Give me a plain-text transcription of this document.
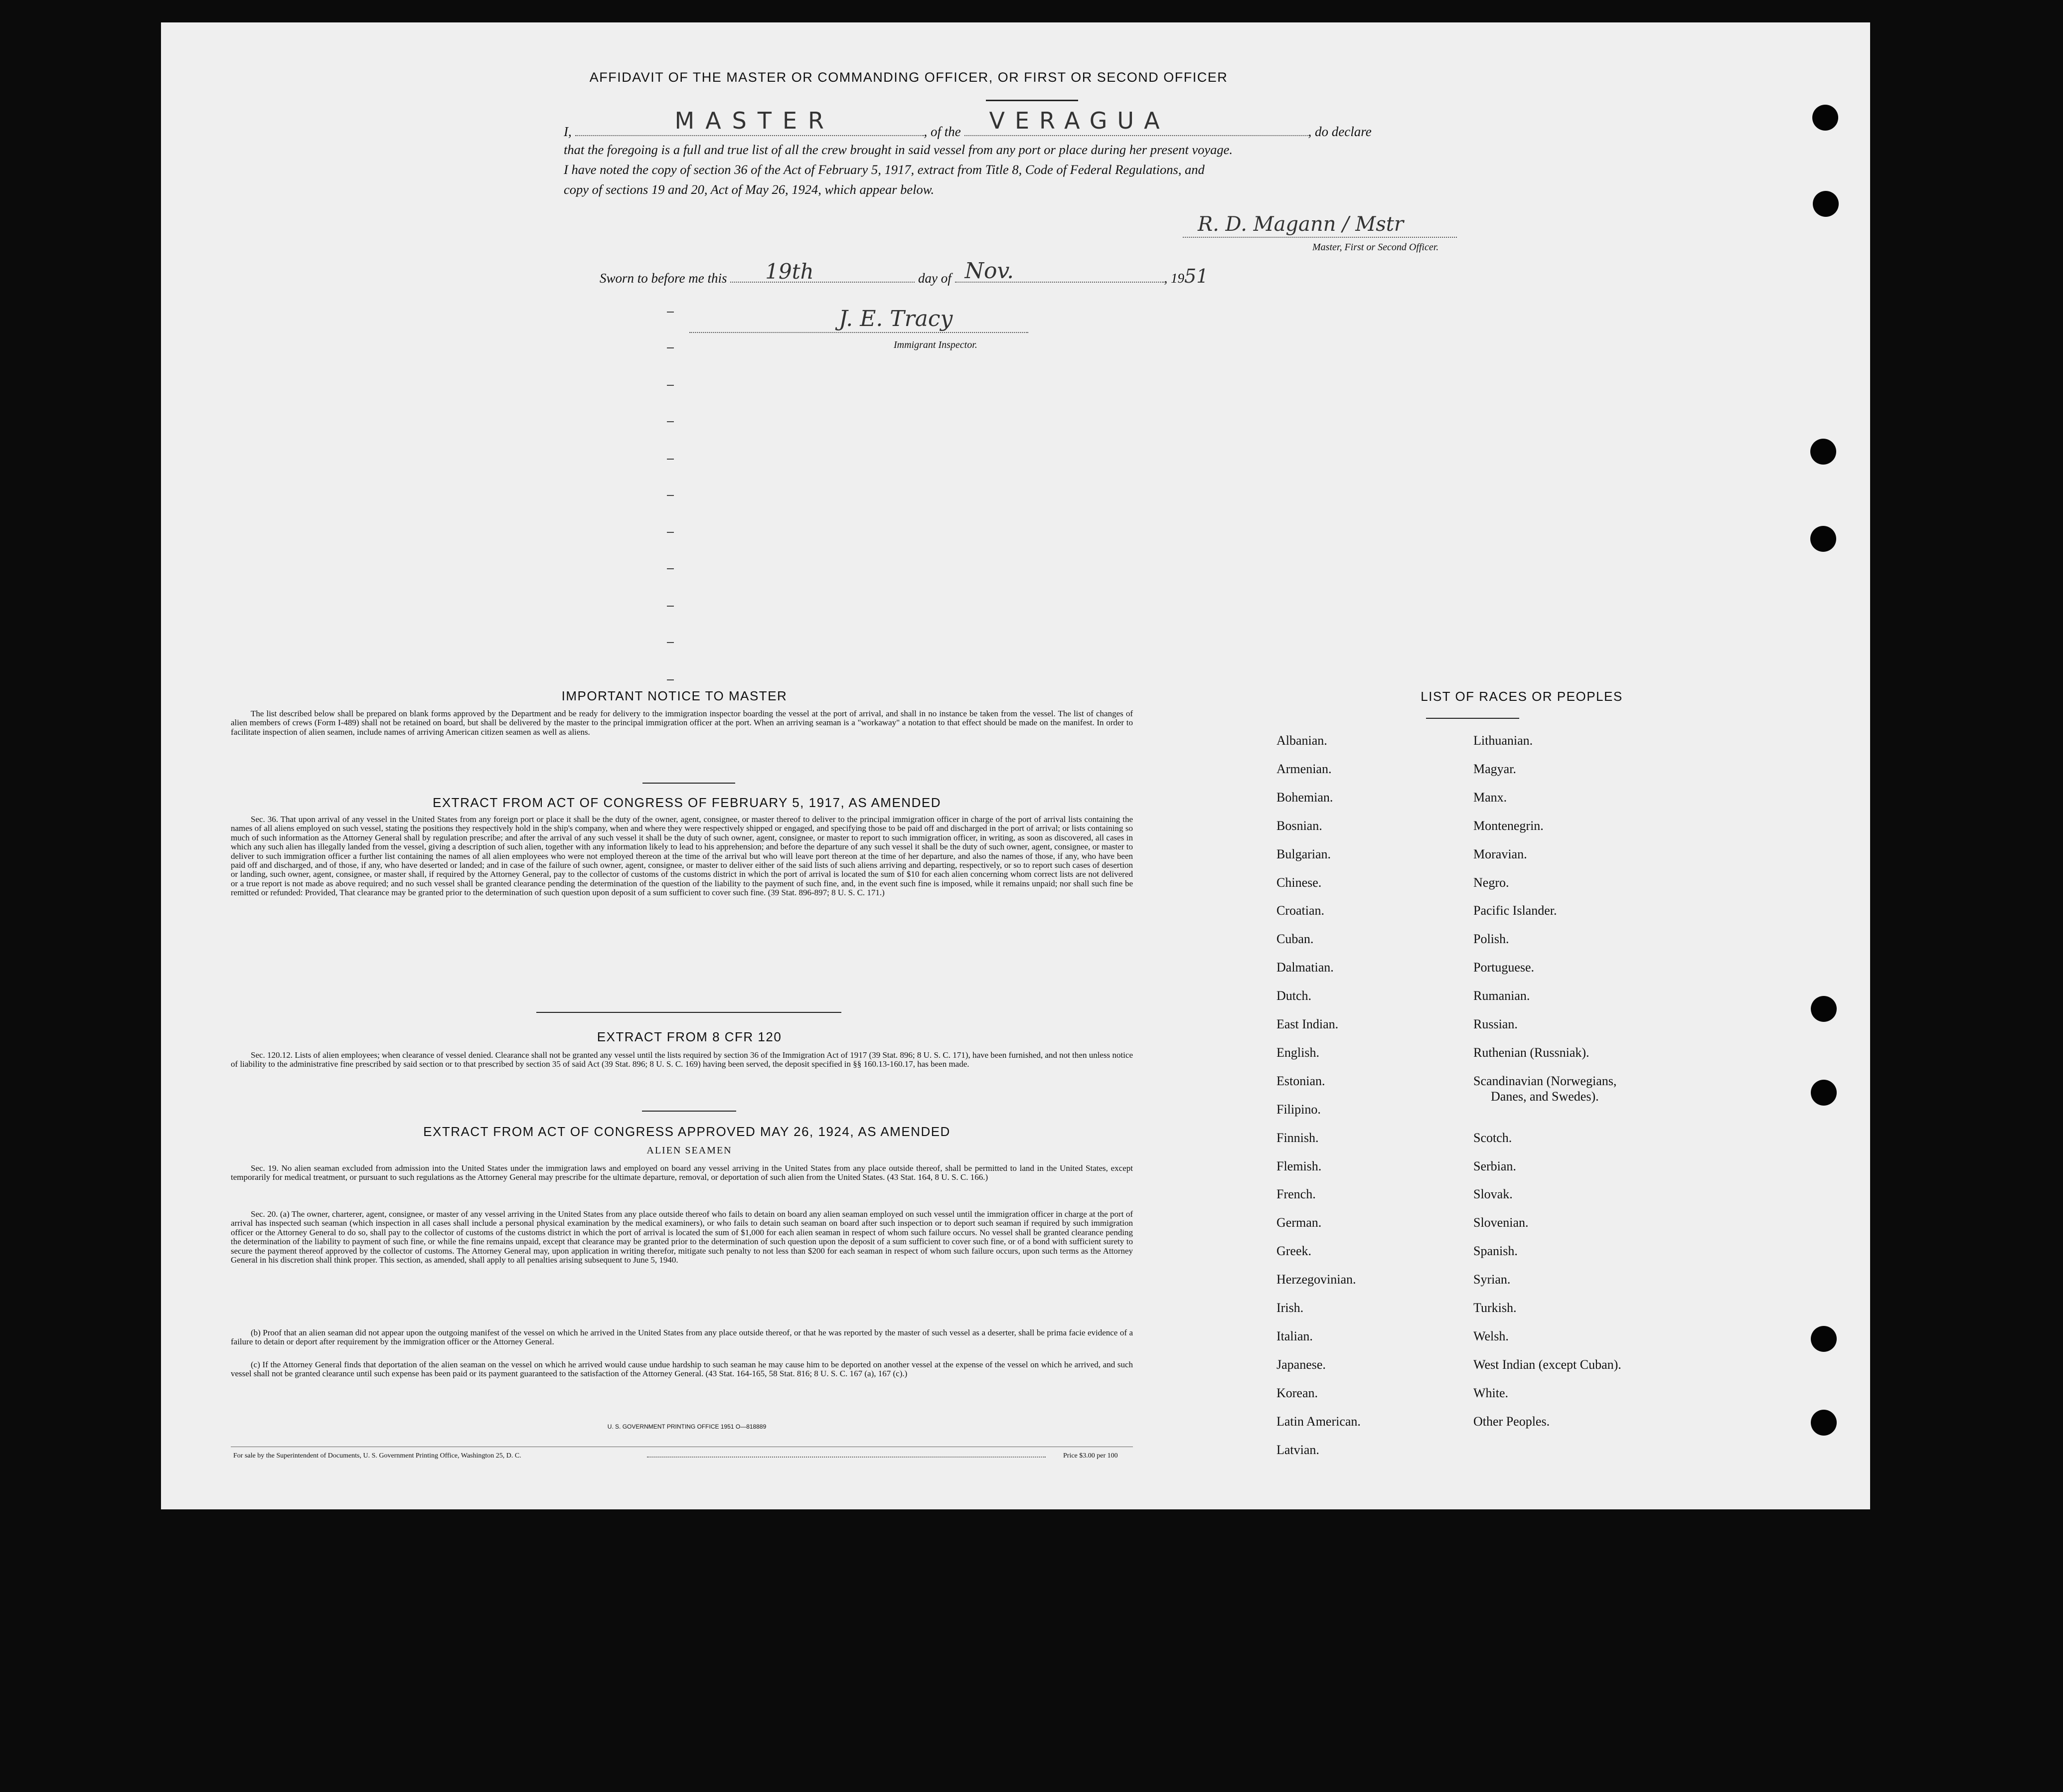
AFFIDAVIT OF THE MASTER OR COMMANDING OFFICER, OR FIRST OR SECOND OFFICER
I,	MASTER	, of the VERAGUA	, do declare
that the foregoing is a full and true list of all the crew brought in said vessel from any port or place during her present voyage.
I have noted the copy of section 36 of the Act of February 5, 1917, extract from Title 8, Code of Federal Regulations, and
copy of sections 19 and 20, Act of May 26, 1924, which appear below.
R. D. Magann / Mstr
Master, First or Second Officer.
Sworn to before me this 19th	day of Nov.	, 1951
J. E. Tracy
Immigrant Inspector.
IMPORTANT NOTICE TO MASTER
The list described below shall be prepared on blank forms approved by the Department and be ready for delivery to the immigration inspector boarding the vessel at the port of arrival, and shall in no instance be taken from the vessel. The list of changes of alien members of crews (Form I-489) shall not be retained on board, but shall be delivered by the master to the principal immigration officer at the port. When an arriving seaman is a "workaway" a notation to that effect should be made on the manifest. In order to facilitate inspection of alien seamen, include names of arriving American citizen seamen as well as aliens.
EXTRACT FROM ACT OF CONGRESS OF FEBRUARY 5, 1917, AS AMENDED
Sec. 36. That upon arrival of any vessel in the United States from any foreign port or place it shall be the duty of the owner, agent, consignee, or master thereof to deliver to the principal immigration officer in charge of the port of arrival lists containing the names of all aliens employed on such vessel, stating the positions they respectively hold in the ship's company, when and where they were respectively shipped or engaged, and specifying those to be paid off and discharged in the port of arrival; or lists containing so much of such information as the Attorney General shall by regulation prescribe; and after the arrival of any such vessel it shall be the duty of such owner, agent, consignee, or master to report to such immigration officer, in writing, as soon as discovered, all cases in which any such alien has illegally landed from the vessel, giving a description of such alien, together with any information likely to lead to his apprehension; and before the departure of any such vessel it shall be the duty of such owner, agent, consignee, or master to deliver to such immigration officer a further list containing the names of all alien employees who were not employed thereon at the time of the arrival but who will leave port thereon at the time of her departure, and also the names of those, if any, who have been paid off and discharged, and of those, if any, who have deserted or landed; and in case of the failure of such owner, agent, consignee, or master to deliver either of the said lists of such aliens arriving and departing, respectively, or so to report such cases of desertion or landing, such owner, agent, consignee, or master shall, if required by the Attorney General, pay to the collector of customs of the customs district in which the port of arrival is located the sum of $10 for each alien concerning whom correct lists are not delivered or a true report is not made as above required; and no such vessel shall be granted clearance pending the determination of the question of the liability to the payment of such fine, and, in the event such fine is imposed, while it remains unpaid; nor shall such fine be remitted or refunded: Provided, That clearance may be granted prior to the determination of such question upon deposit of a sum sufficient to cover such fine. (39 Stat. 896-897; 8 U. S. C. 171.)
EXTRACT FROM 8 CFR 120
Sec. 120.12. Lists of alien employees; when clearance of vessel denied. Clearance shall not be granted any vessel until the lists required by section 36 of the Immigration Act of 1917 (39 Stat. 896; 8 U. S. C. 171), have been furnished, and not then unless notice of liability to the administrative fine prescribed by said section or to that prescribed by section 35 of said Act (39 Stat. 896; 8 U. S. C. 169) having been served, the deposit specified in §§ 160.13-160.17, has been made.
EXTRACT FROM ACT OF CONGRESS APPROVED MAY 26, 1924, AS AMENDED
ALIEN SEAMEN
Sec. 19. No alien seaman excluded from admission into the United States under the immigration laws and employed on board any vessel arriving in the United States from any place outside thereof, shall be permitted to land in the United States, except temporarily for medical treatment, or pursuant to such regulations as the Attorney General may prescribe for the ultimate departure, removal, or deportation of such alien from the United States. (43 Stat. 164, 8 U. S. C. 166.)
Sec. 20. (a) The owner, charterer, agent, consignee, or master of any vessel arriving in the United States from any place outside thereof who fails to detain on board any alien seaman employed on such vessel until the immigration officer in charge at the port of arrival has inspected such seaman (which inspection in all cases shall include a personal physical examination by the medical examiners), or who fails to detain such seaman on board after such inspection or to deport such seaman if required by such immigration officer or the Attorney General to do so, shall pay to the collector of customs of the customs district in which the port of arrival is located the sum of $1,000 for each alien seaman in respect of whom such failure occurs. No vessel shall be granted clearance pending the determination of the liability to payment of such fine, or while the fine remains unpaid, except that clearance may be granted prior to the determination of such question upon the deposit of a sum sufficient to cover such fine, or of a bond with sufficient surety to secure the payment thereof approved by the collector of customs. The Attorney General may, upon application in writing therefor, mitigate such penalty to not less than $200 for each seaman in respect of whom such failure occurs, upon such terms as the Attorney General in his discretion shall think proper. This section, as amended, shall apply to all penalties arising subsequent to June 5, 1940.
(b) Proof that an alien seaman did not appear upon the outgoing manifest of the vessel on which he arrived in the United States from any place outside thereof, or that he was reported by the master of such vessel as a deserter, shall be prima facie evidence of a failure to detain or deport after requirement by the immigration officer or the Attorney General.
(c) If the Attorney General finds that deportation of the alien seaman on the vessel on which he arrived would cause undue hardship to such seaman he may cause him to be deported on another vessel at the expense of the vessel on which he arrived, and such vessel shall not be granted clearance until such expense has been paid or its payment guaranteed to the satisfaction of the Attorney General. (43 Stat. 164-165, 58 Stat. 816; 8 U. S. C. 167 (a), 167 (c).)
U. S. GOVERNMENT PRINTING OFFICE 1951 O—818889
For sale by the Superintendent of Documents, U. S. Government Printing Office, Washington 25, D. C.	Price $3.00 per 100
LIST OF RACES OR PEOPLES
Albanian.
Armenian.
Bohemian.
Bosnian.
Bulgarian.
Chinese.
Croatian.
Cuban.
Dalmatian.
Dutch.
East Indian.
English.
Estonian.
Filipino.
Finnish.
Flemish.
French.
German.
Greek.
Herzegovinian.
Irish.
Italian.
Japanese.
Korean.
Latin American.
Latvian.
Lithuanian.
Magyar.
Manx.
Montenegrin.
Moravian.
Negro.
Pacific Islander.
Polish.
Portuguese.
Rumanian.
Russian.
Ruthenian (Russniak).
Scandinavian (Norwegians,
Danes, and Swedes).
Scotch.
Serbian.
Slovak.
Slovenian.
Spanish.
Syrian.
Turkish.
Welsh.
West Indian (except Cuban).
White.
Other Peoples.
